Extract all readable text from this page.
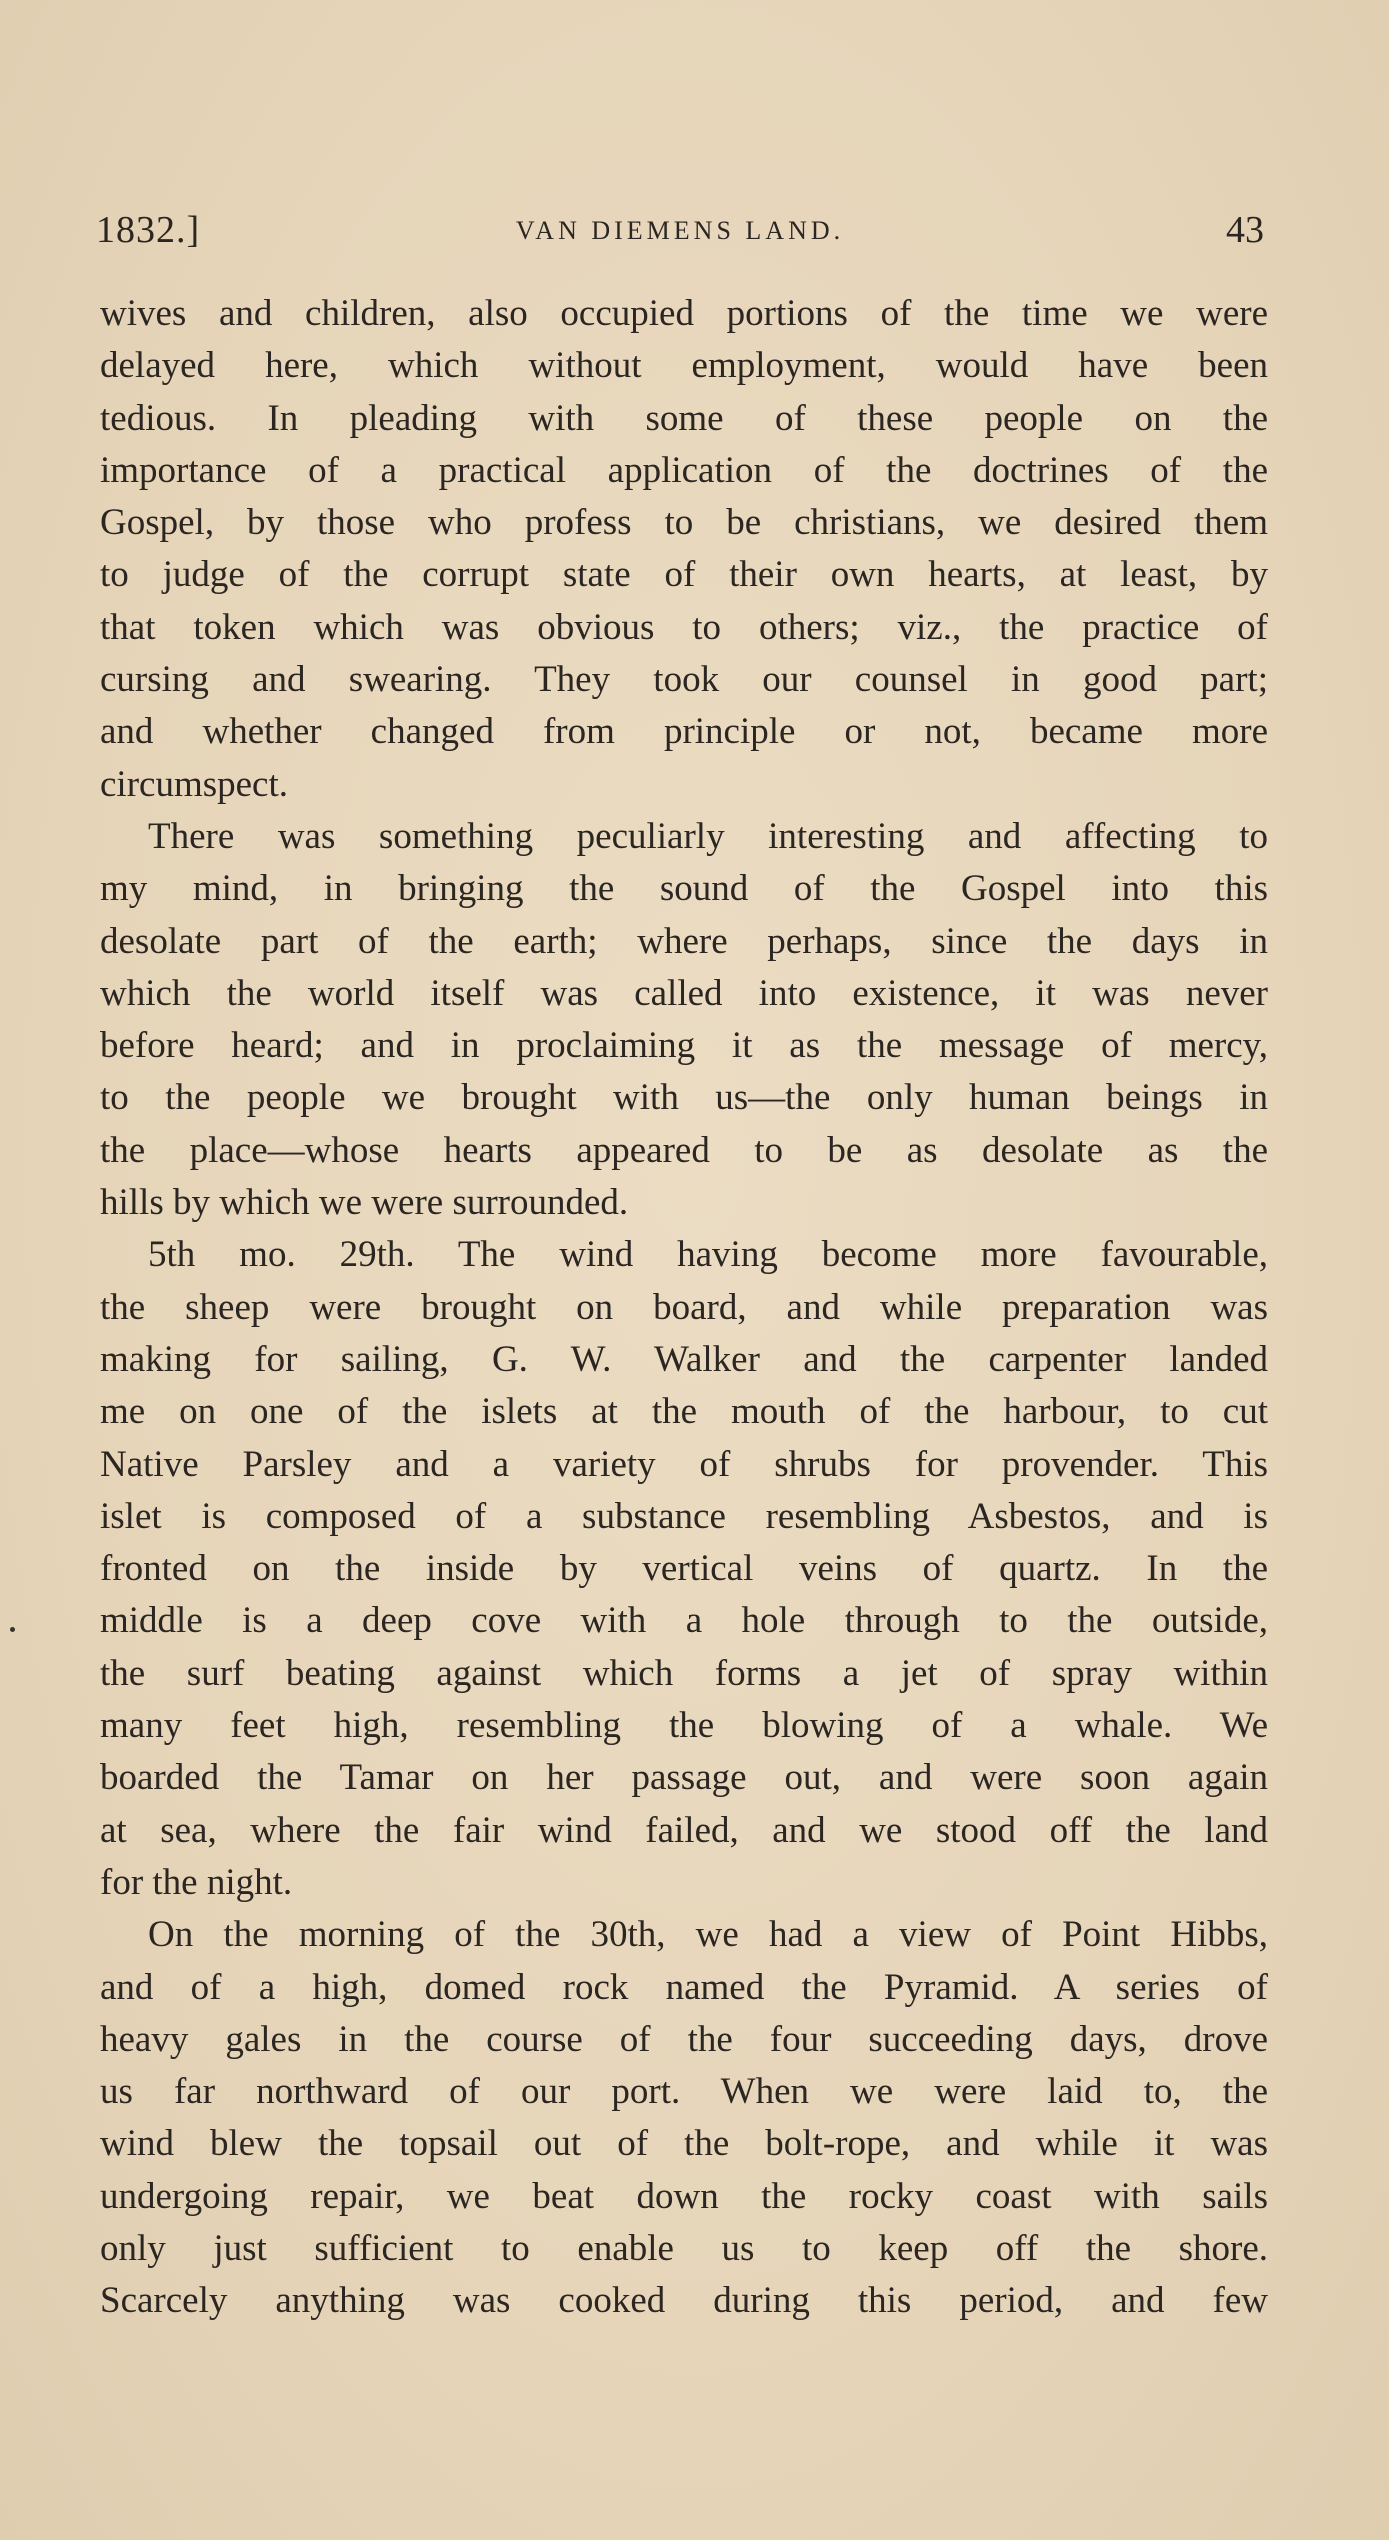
1832.]	VAN DIEMENS LAND.	43
wives and children, also occupied portions of the time we were
delayed here, which without employment, would have been
tedious. In pleading with some of these people on the
importance of a practical application of the doctrines of the
Gospel, by those who profess to be christians, we desired them
to judge of the corrupt state of their own hearts, at least, by
that token which was obvious to others; viz., the practice of
cursing and swearing. They took our counsel in good part;
and whether changed from principle or not, became more
circumspect.
There was something peculiarly interesting and affecting to
my mind, in bringing the sound of the Gospel into this
desolate part of the earth; where perhaps, since the days in
which the world itself was called into existence, it was never
before heard; and in proclaiming it as the message of mercy,
to the people we brought with us—the only human beings in
the place—whose hearts appeared to be as desolate as the
hills by which we were surrounded.
5th mo. 29th. The wind having become more favourable,
the sheep were brought on board, and while preparation was
making for sailing, G. W. Walker and the carpenter landed
me on one of the islets at the mouth of the harbour, to cut
Native Parsley and a variety of shrubs for provender. This
islet is composed of a substance resembling Asbestos, and is
fronted on the inside by vertical veins of quartz. In the
middle is a deep cove with a hole through to the outside,
the surf beating against which forms a jet of spray within
many feet high, resembling the blowing of a whale. We
boarded the Tamar on her passage out, and were soon again
at sea, where the fair wind failed, and we stood off the land
for the night.
On the morning of the 30th, we had a view of Point Hibbs,
and of a high, domed rock named the Pyramid. A series of
heavy gales in the course of the four succeeding days, drove
us far northward of our port. When we were laid to, the
wind blew the topsail out of the bolt-rope, and while it was
undergoing repair, we beat down the rocky coast with sails
only just sufficient to enable us to keep off the shore.
Scarcely anything was cooked during this period, and few
